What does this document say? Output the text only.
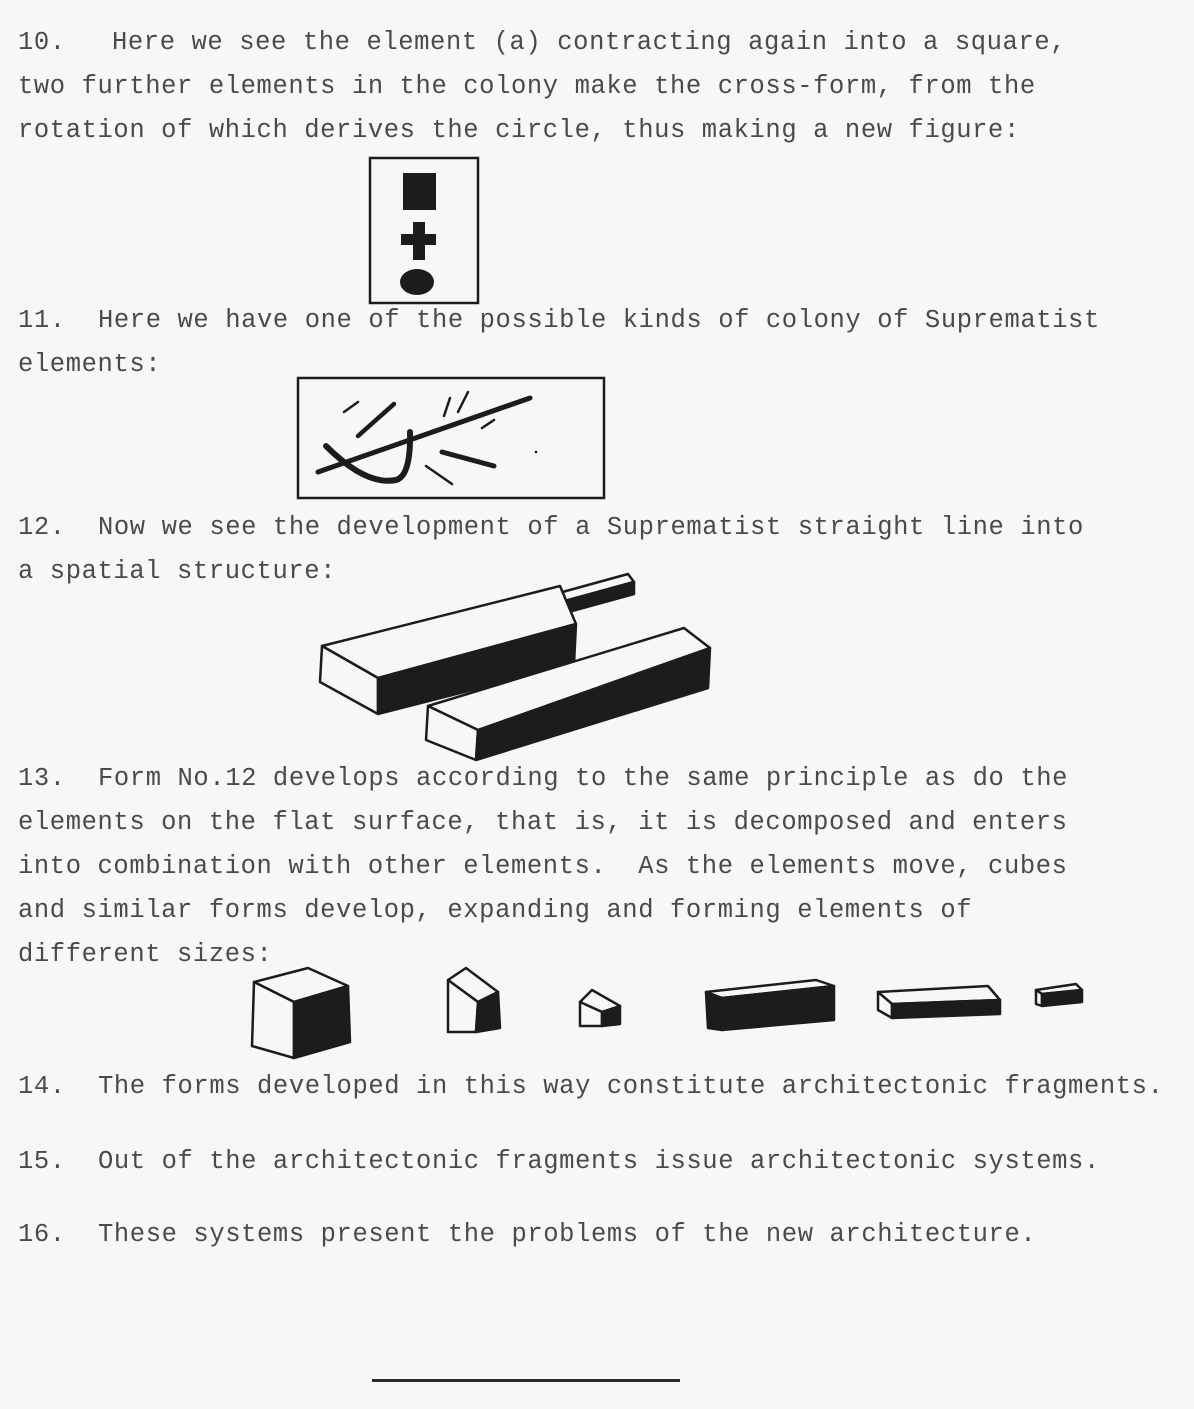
10. Here we see the element (a) contracting again into a square,
two further elements in the colony make the cross-form, from the
rotation of which derives the circle, thus making a new figure:
11. Here we have one of the possible kinds of colony of Suprematist
elements:
12. Now we see the development of a Suprematist straight line into
a spatial structure:
13. Form No.12 develops according to the same principle as do the
elements on the flat surface, that is, it is decomposed and enters
into combination with other elements.  As the elements move, cubes
and similar forms develop, expanding and forming elements of
different sizes:
14. The forms developed in this way constitute architectonic fragments.
15. Out of the architectonic fragments issue architectonic systems.
16. These systems present the problems of the new architecture.
